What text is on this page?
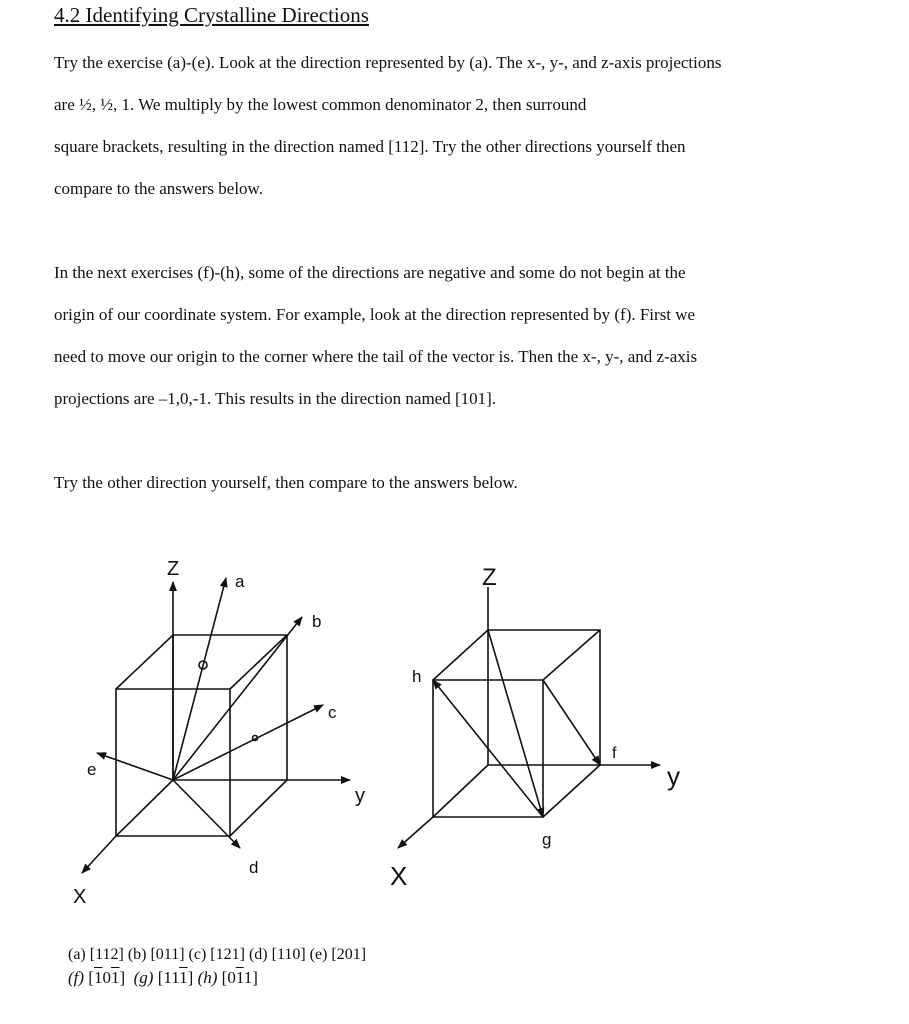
4.2 Identifying Crystalline Directions
Try the exercise (a)-(e). Look at the direction represented by (a). The x-, y-, and z-axis projections
are ½, ½, 1. We multiply by the lowest common denominator 2, then surround
square brackets, resulting in the direction named [112]. Try the other directions yourself then
compare to the answers below.
In the next exercises (f)-(h), some of the directions are negative and some do not begin at the
origin of our coordinate system. For example, look at the direction represented by (f). First we
need to move our origin to the corner where the tail of the vector is. Then the x-, y-, and z-axis
projections are –1,0,-1. This results in the direction named [101].
Try the other direction yourself, then compare to the answers below.
Z
a
b
c
d
e
y
X
Z
y
X
f
g
h
(a) [112] (b) [011] (c) [121] (d) [110] (e) [201]
(f) [101] (g) [111] (h) [011]
